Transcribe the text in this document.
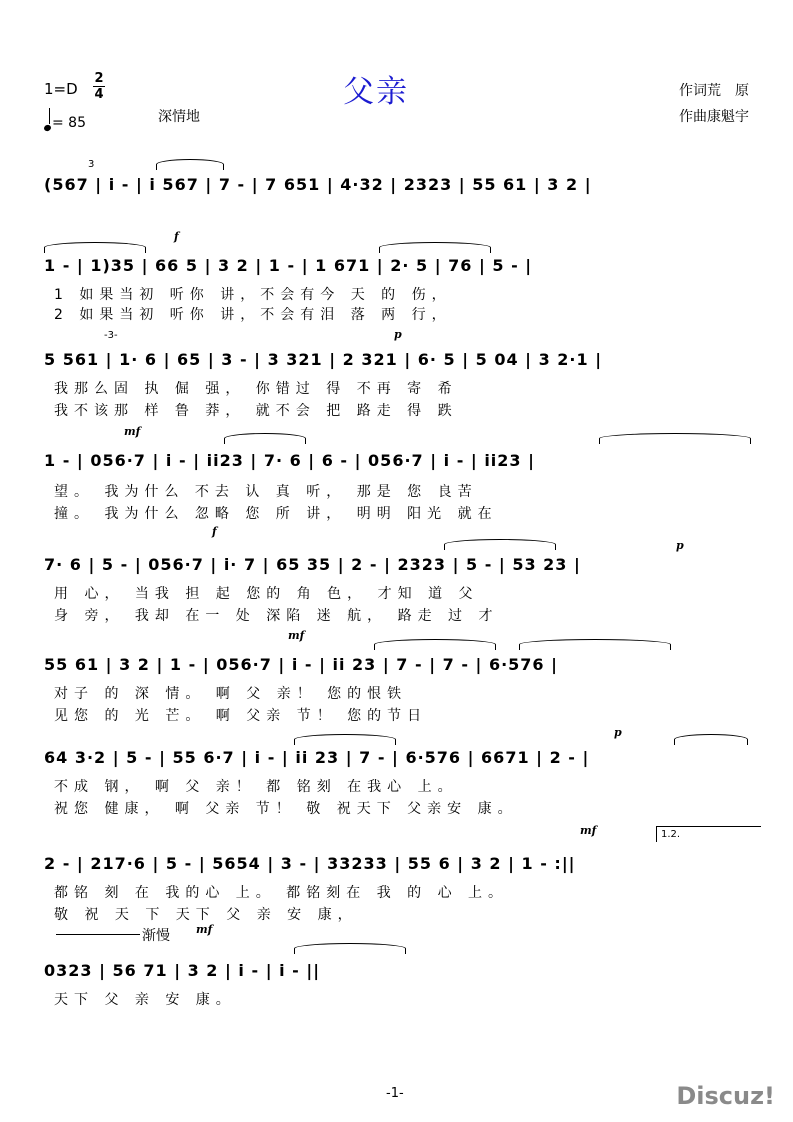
父亲
1=D
2
4
= 85	深情地
作词荒　原
作曲康魁宇
3
(567 | i - | i 567 | 7 - | 7 651 | 4·32 | 2323 | 55 61 | 3 2 |
f
1 - | 1)35 | 66 5 | 3 2 | 1 - | 1 671 | 2· 5 | 76 | 5 - |
1 如果当初 听你 讲，不会有今 天 的 伤，
2 如果当初 听你 讲，不会有泪 落 两 行，
-3-	p
5 561 | 1· 6 | 65 | 3 - | 3 321 | 2 321 | 6· 5 | 5 04 | 3 2·1 |
我那么固 执 倔 强， 你错过 得 不再 寄 希
我不该那 样 鲁 莽， 就不会 把 路走 得 跌
mf
1 - | 056·7 | i - | ii23 | 7· 6 | 6 - | 056·7 | i - | ii23 |
望。 我为什么 不去 认 真 听， 那是 您 良苦
撞。 我为什么 忽略 您 所 讲， 明明 阳光 就在
f
p
7· 6 | 5 - | 056·7 | i· 7 | 65 35 | 2 - | 2323 | 5 - | 53 23 |
用 心， 当我 担 起 您的 角 色， 才知 道 父
身 旁， 我却 在一 处 深陷 迷 航， 路走 过 才
mf
55 61 | 3 2 | 1 - | 056·7 | i - | ii 23 | 7 - | 7 - | 6·576 |
对子 的 深 情。 啊 父 亲！ 您的恨铁
见您 的 光 芒。 啊 父亲 节！ 您的节日
p
64 3·2 | 5 - | 55 6·7 | i - | ii 23 | 7 - | 6·576 | 6671 | 2 - |
不成 钢， 啊 父 亲！ 都 铭刻 在我心 上。
祝您 健康， 啊 父亲 节！ 敬 祝天下 父亲安 康。
mf	1.2.
2 - | 217·6 | 5 - | 5654 | 3 - | 33233 | 55 6 | 3 2 | 1 - :||
都铭 刻 在 我的心 上。 都铭刻在 我 的 心 上。
敬 祝 天 下 天下 父 亲 安 康，
渐慢 mf
0323 | 56 71 | 3 2 | i - | i - ||
天下 父 亲 安 康。
-1-	Discuz!
